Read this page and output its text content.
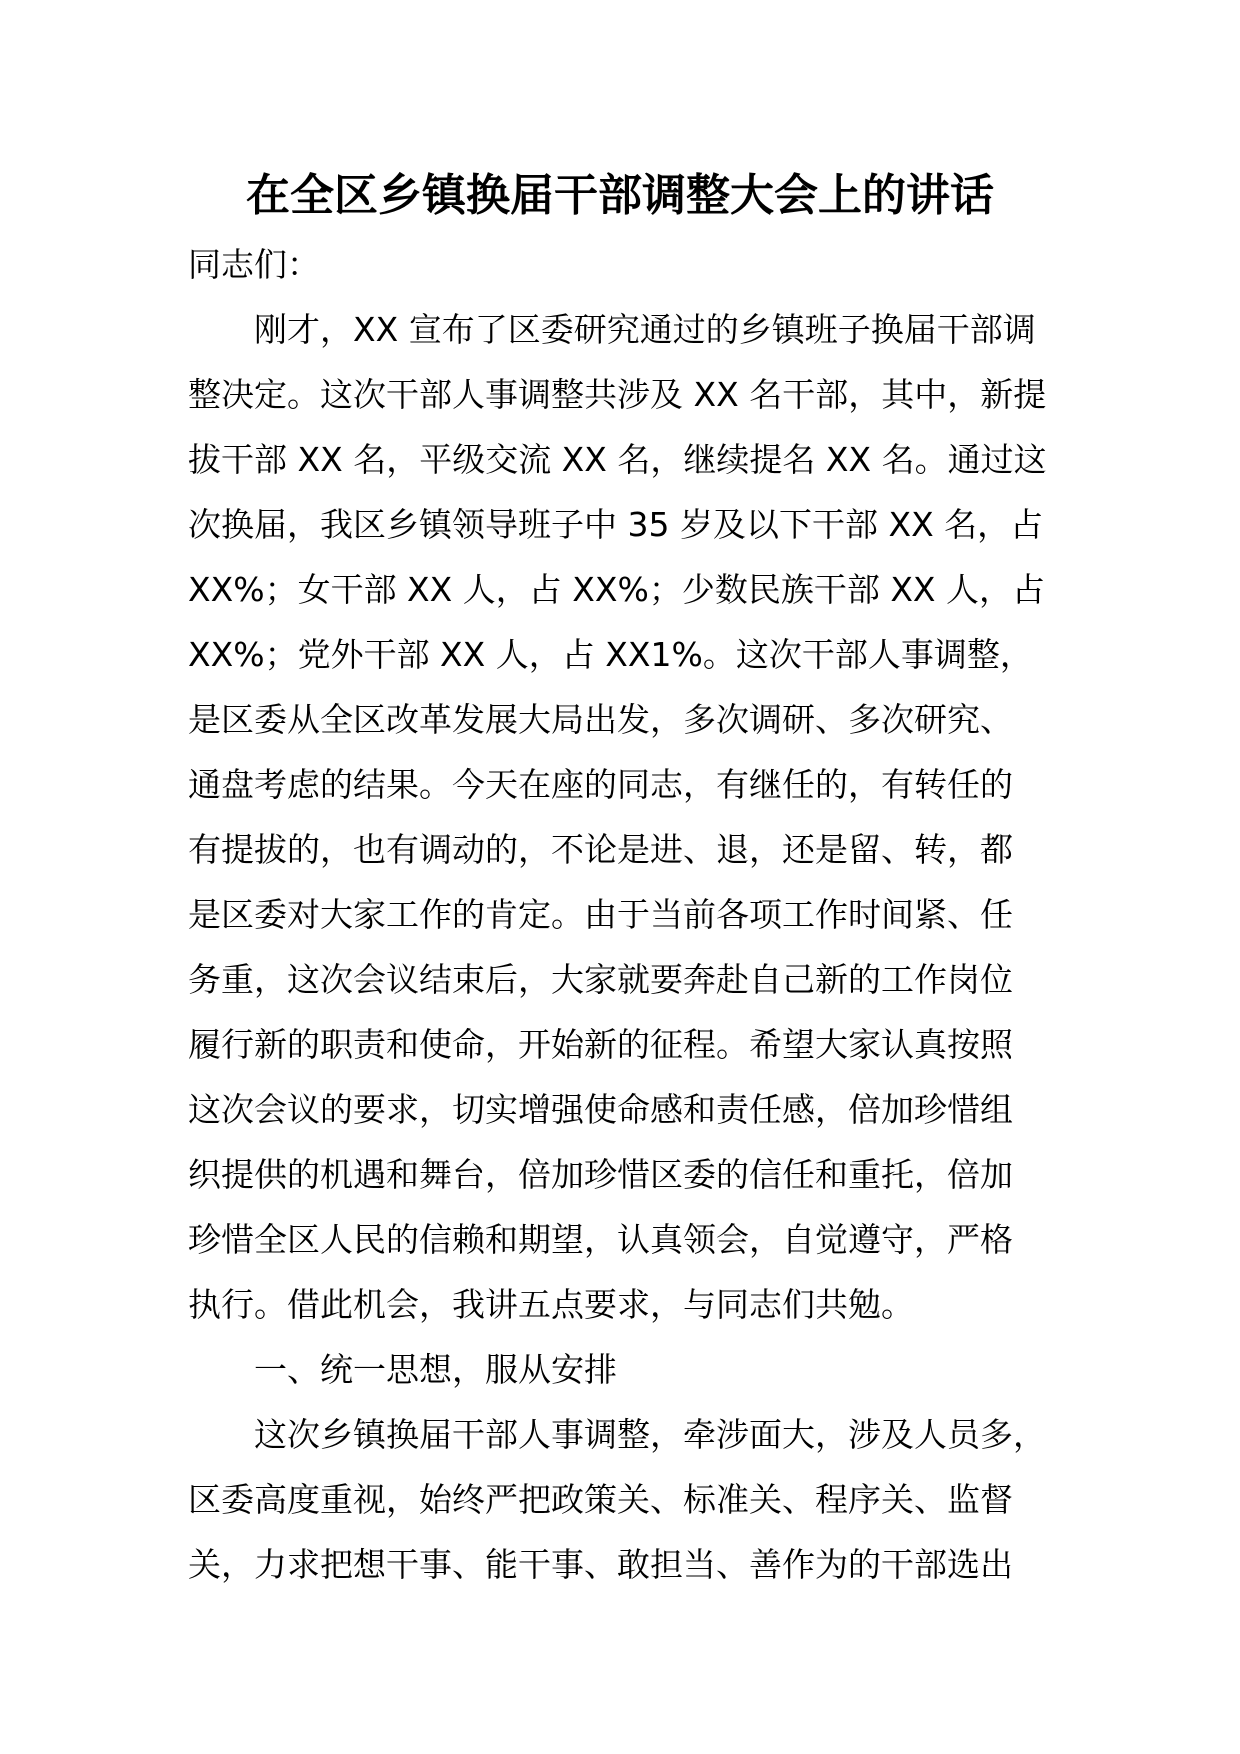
在全区乡镇换届干部调整大会上的讲话

同志们：

刚才，XX 宣布了区委研究通过的乡镇班子换届干部调
整决定。这次干部人事调整共涉及 XX 名干部，其中，新提
拔干部 XX 名，平级交流 XX 名，继续提名 XX 名。通过这
次换届，我区乡镇领导班子中 35 岁及以下干部 XX 名，占
XX%；女干部 XX 人，占 XX%；少数民族干部 XX 人，占
XX%；党外干部 XX 人，占 XX1%。这次干部人事调整，
是区委从全区改革发展大局出发，多次调研、多次研究、
通盘考虑的结果。今天在座的同志，有继任的，有转任的
有提拔的，也有调动的，不论是进、退，还是留、转，都
是区委对大家工作的肯定。由于当前各项工作时间紧、任
务重，这次会议结束后，大家就要奔赴自己新的工作岗位
履行新的职责和使命，开始新的征程。希望大家认真按照
这次会议的要求，切实增强使命感和责任感，倍加珍惜组
织提供的机遇和舞台，倍加珍惜区委的信任和重托，倍加
珍惜全区人民的信赖和期望，认真领会，自觉遵守，严格
执行。借此机会，我讲五点要求，与同志们共勉。

一、统一思想，服从安排

这次乡镇换届干部人事调整，牵涉面大，涉及人员多，
区委高度重视，始终严把政策关、标准关、程序关、监督
关，力求把想干事、能干事、敢担当、善作为的干部选出
